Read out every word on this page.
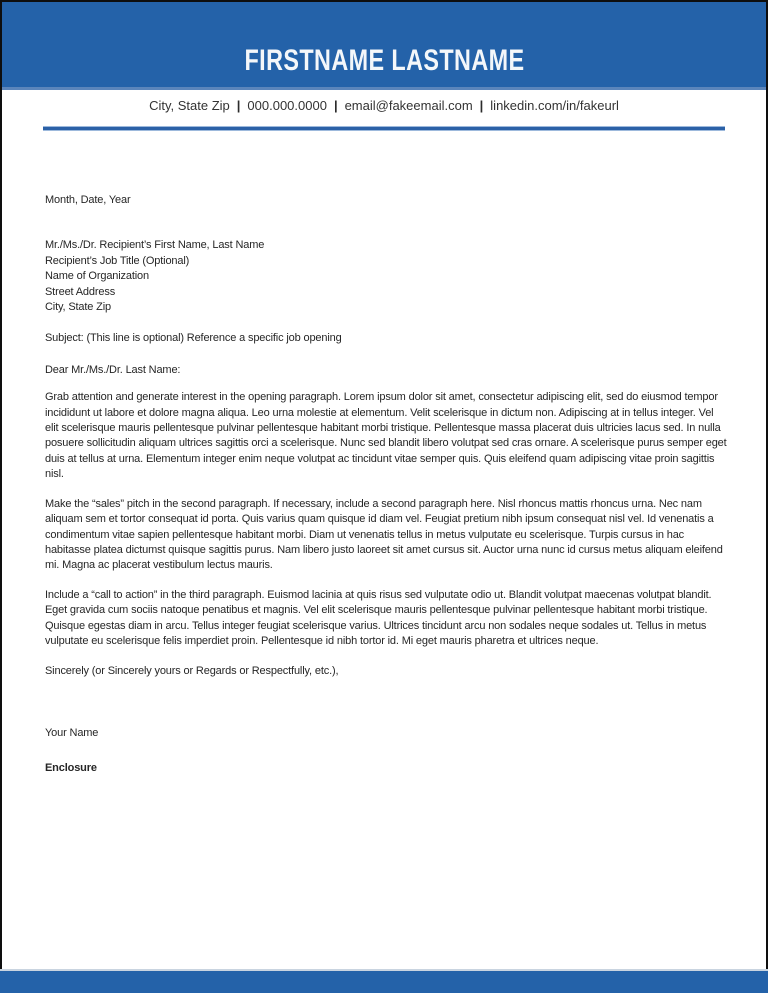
FIRSTNAME LASTNAME
City, State Zip | 000.000.0000 | email@fakeemail.com | linkedin.com/in/fakeurl

Month, Date, Year

Mr./Ms./Dr. Recipient’s First Name, Last Name
Recipient’s Job Title (Optional)
Name of Organization
Street Address
City, State Zip

Subject: (This line is optional) Reference a specific job opening

Dear Mr./Ms./Dr. Last Name:

Grab attention and generate interest in the opening paragraph. Lorem ipsum dolor sit amet, consectetur adipiscing elit, sed do eiusmod tempor incididunt ut labore et dolore magna aliqua. Leo urna molestie at elementum. Velit scelerisque in dictum non. Adipiscing at in tellus integer. Vel elit scelerisque mauris pellentesque pulvinar pellentesque habitant morbi tristique. Pellentesque massa placerat duis ultricies lacus sed. In nulla posuere sollicitudin aliquam ultrices sagittis orci a scelerisque. Nunc sed blandit libero volutpat sed cras ornare. A scelerisque purus semper eget duis at tellus at urna. Elementum integer enim neque volutpat ac tincidunt vitae semper quis. Quis eleifend quam adipiscing vitae proin sagittis nisl.

Make the “sales” pitch in the second paragraph. If necessary, include a second paragraph here. Nisl rhoncus mattis rhoncus urna. Nec nam aliquam sem et tortor consequat id porta. Quis varius quam quisque id diam vel. Feugiat pretium nibh ipsum consequat nisl vel. Id venenatis a condimentum vitae sapien pellentesque habitant morbi. Diam ut venenatis tellus in metus vulputate eu scelerisque. Turpis cursus in hac habitasse platea dictumst quisque sagittis purus. Nam libero justo laoreet sit amet cursus sit. Auctor urna nunc id cursus metus aliquam eleifend mi. Magna ac placerat vestibulum lectus mauris.

Include a “call to action” in the third paragraph. Euismod lacinia at quis risus sed vulputate odio ut. Blandit volutpat maecenas volutpat blandit. Eget gravida cum sociis natoque penatibus et magnis. Vel elit scelerisque mauris pellentesque pulvinar pellentesque habitant morbi tristique. Quisque egestas diam in arcu. Tellus integer feugiat scelerisque varius. Ultrices tincidunt arcu non sodales neque sodales ut. Tellus in metus vulputate eu scelerisque felis imperdiet proin. Pellentesque id nibh tortor id. Mi eget mauris pharetra et ultrices neque.

Sincerely (or Sincerely yours or Regards or Respectfully, etc.),

Your Name

Enclosure
